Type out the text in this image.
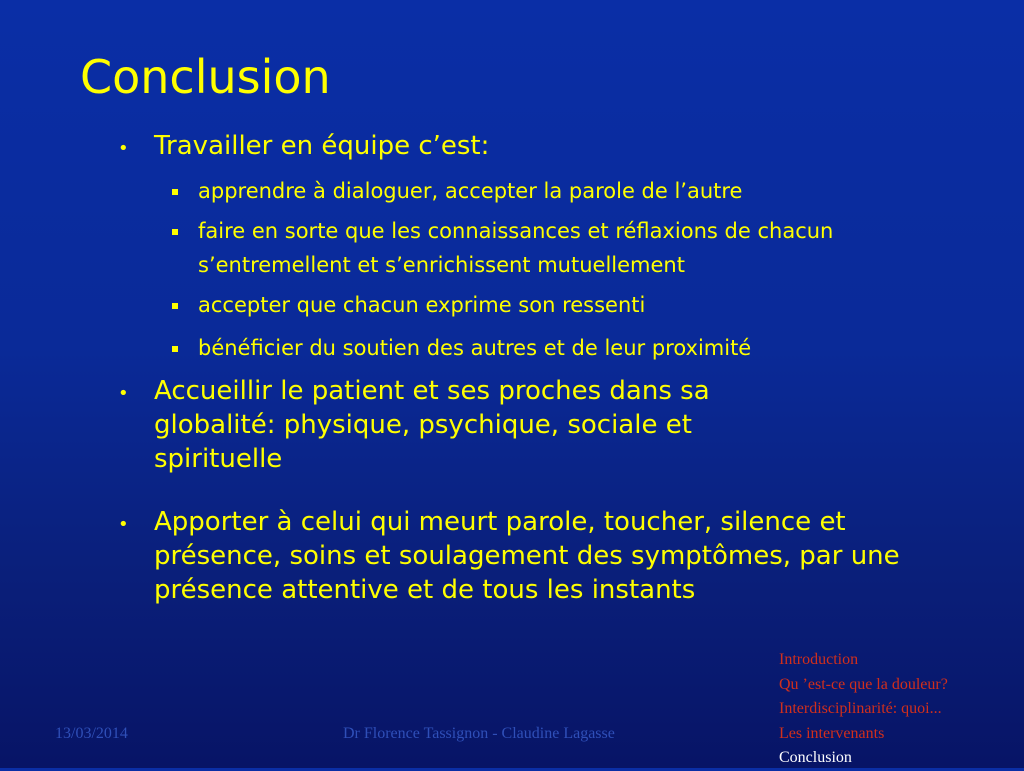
Conclusion
• Travailler en équipe c’est:
apprendre à dialoguer, accepter la parole de l’autre
faire en sorte que les connaissances et réflaxions de chacun s’entremellent et s’enrichissent mutuellement
accepter que chacun exprime son ressenti
bénéficier du soutien des autres et de leur proximité
• Accueillir le patient et ses proches dans sa globalité: physique, psychique, sociale et spirituelle
• Apporter à celui qui meurt parole, toucher, silence et présence, soins et soulagement des symptômes, par une présence attentive et de tous les instants
Introduction
Qu ’est-ce que la douleur?
Interdisciplinarité: quoi...
Les intervenants
Conclusion
13/03/2014	Dr Florence Tassignon - Claudine Lagasse
